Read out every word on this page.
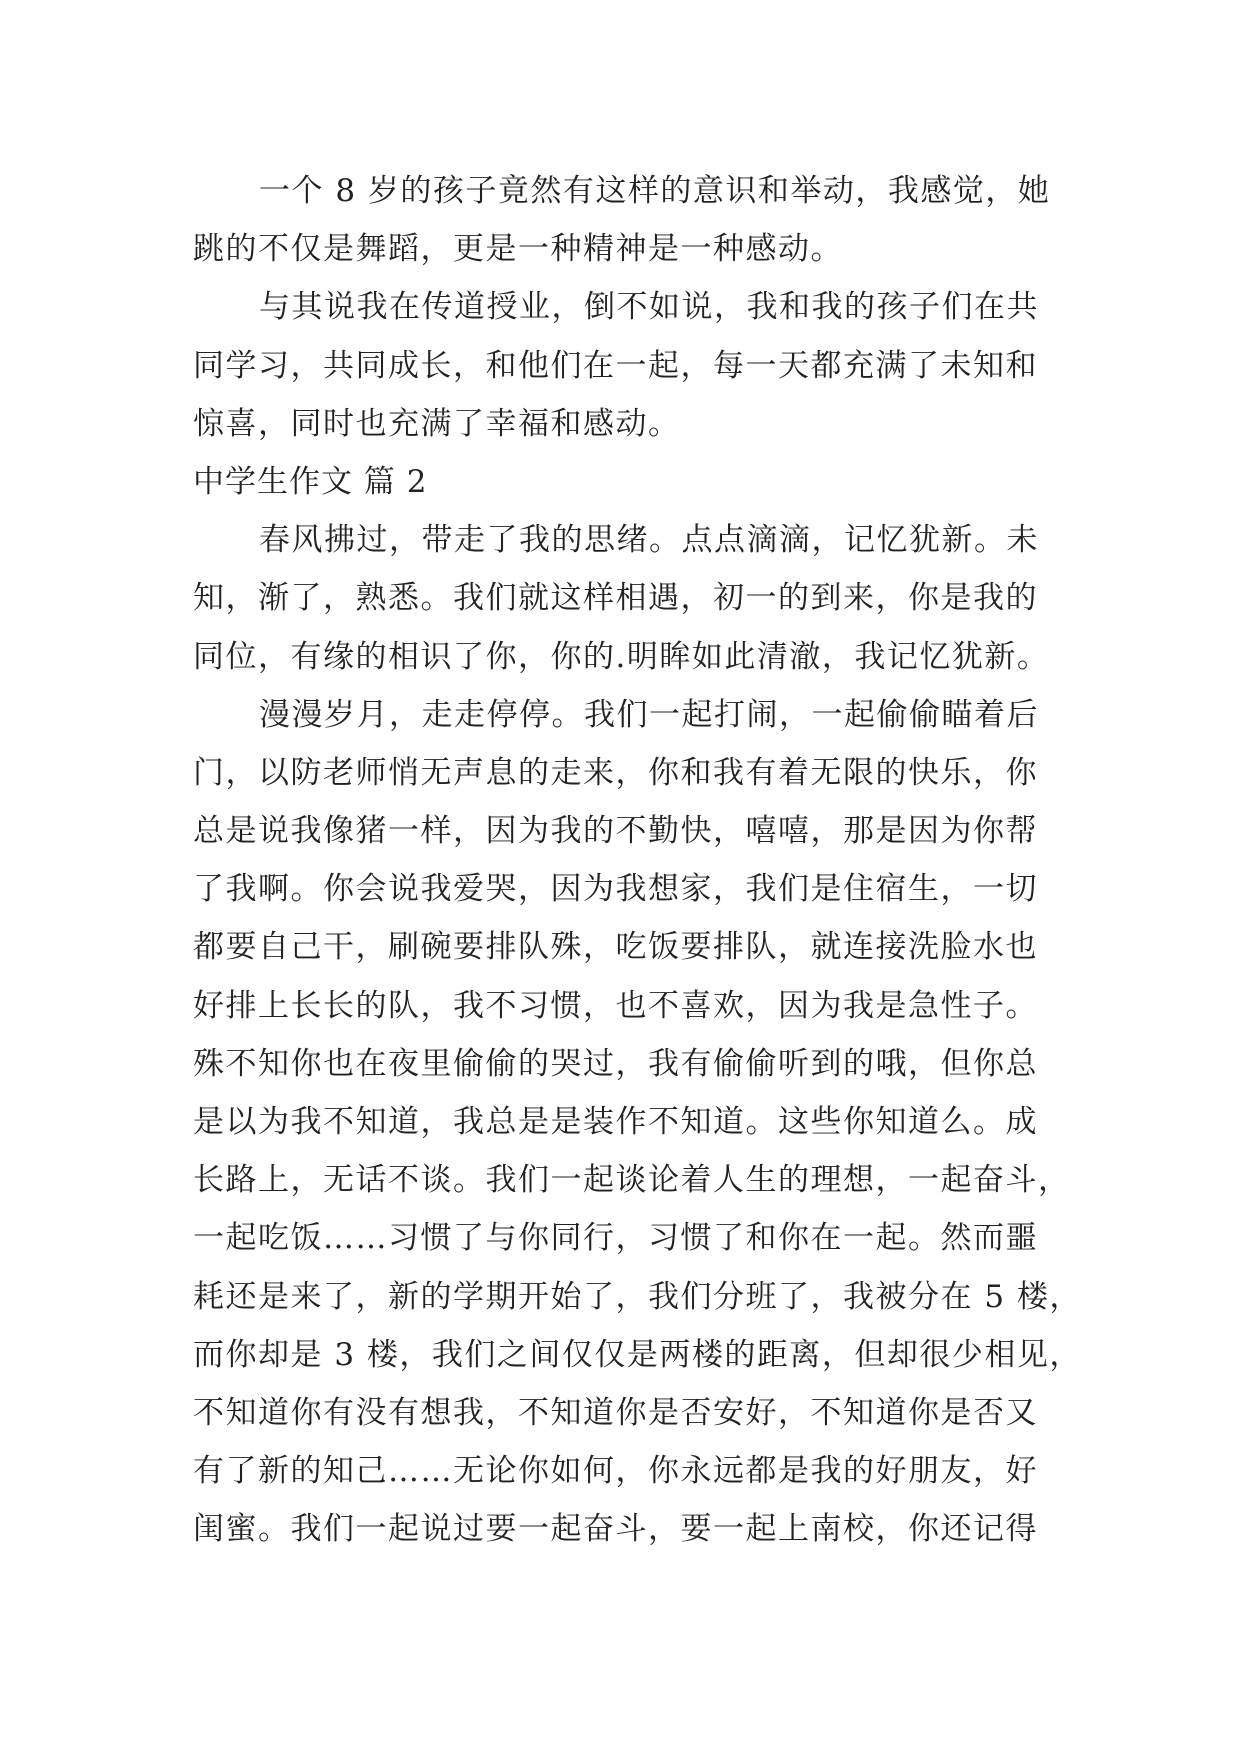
一个 8 岁的孩子竟然有这样的意识和举动，我感觉，她
跳的不仅是舞蹈，更是一种精神是一种感动。
与其说我在传道授业，倒不如说，我和我的孩子们在共
同学习，共同成长，和他们在一起，每一天都充满了未知和
惊喜，同时也充满了幸福和感动。
中学生作文 篇 2
春风拂过，带走了我的思绪。点点滴滴，记忆犹新。未
知，渐了，熟悉。我们就这样相遇，初一的到来，你是我的
同位，有缘的相识了你，你的.明眸如此清澈，我记忆犹新。
漫漫岁月，走走停停。我们一起打闹，一起偷偷瞄着后
门，以防老师悄无声息的走来，你和我有着无限的快乐，你
总是说我像猪一样，因为我的不勤快，嘻嘻，那是因为你帮
了我啊。你会说我爱哭，因为我想家，我们是住宿生，一切
都要自己干，刷碗要排队殊，吃饭要排队，就连接洗脸水也
好排上长长的队，我不习惯，也不喜欢，因为我是急性子。
殊不知你也在夜里偷偷的哭过，我有偷偷听到的哦，但你总
是以为我不知道，我总是是装作不知道。这些你知道么。成
长路上，无话不谈。我们一起谈论着人生的理想，一起奋斗，
一起吃饭……习惯了与你同行，习惯了和你在一起。然而噩
耗还是来了，新的学期开始了，我们分班了，我被分在 5 楼，
而你却是 3 楼，我们之间仅仅是两楼的距离，但却很少相见，
不知道你有没有想我，不知道你是否安好，不知道你是否又
有了新的知己……无论你如何，你永远都是我的好朋友，好
闺蜜。我们一起说过要一起奋斗，要一起上南校，你还记得
